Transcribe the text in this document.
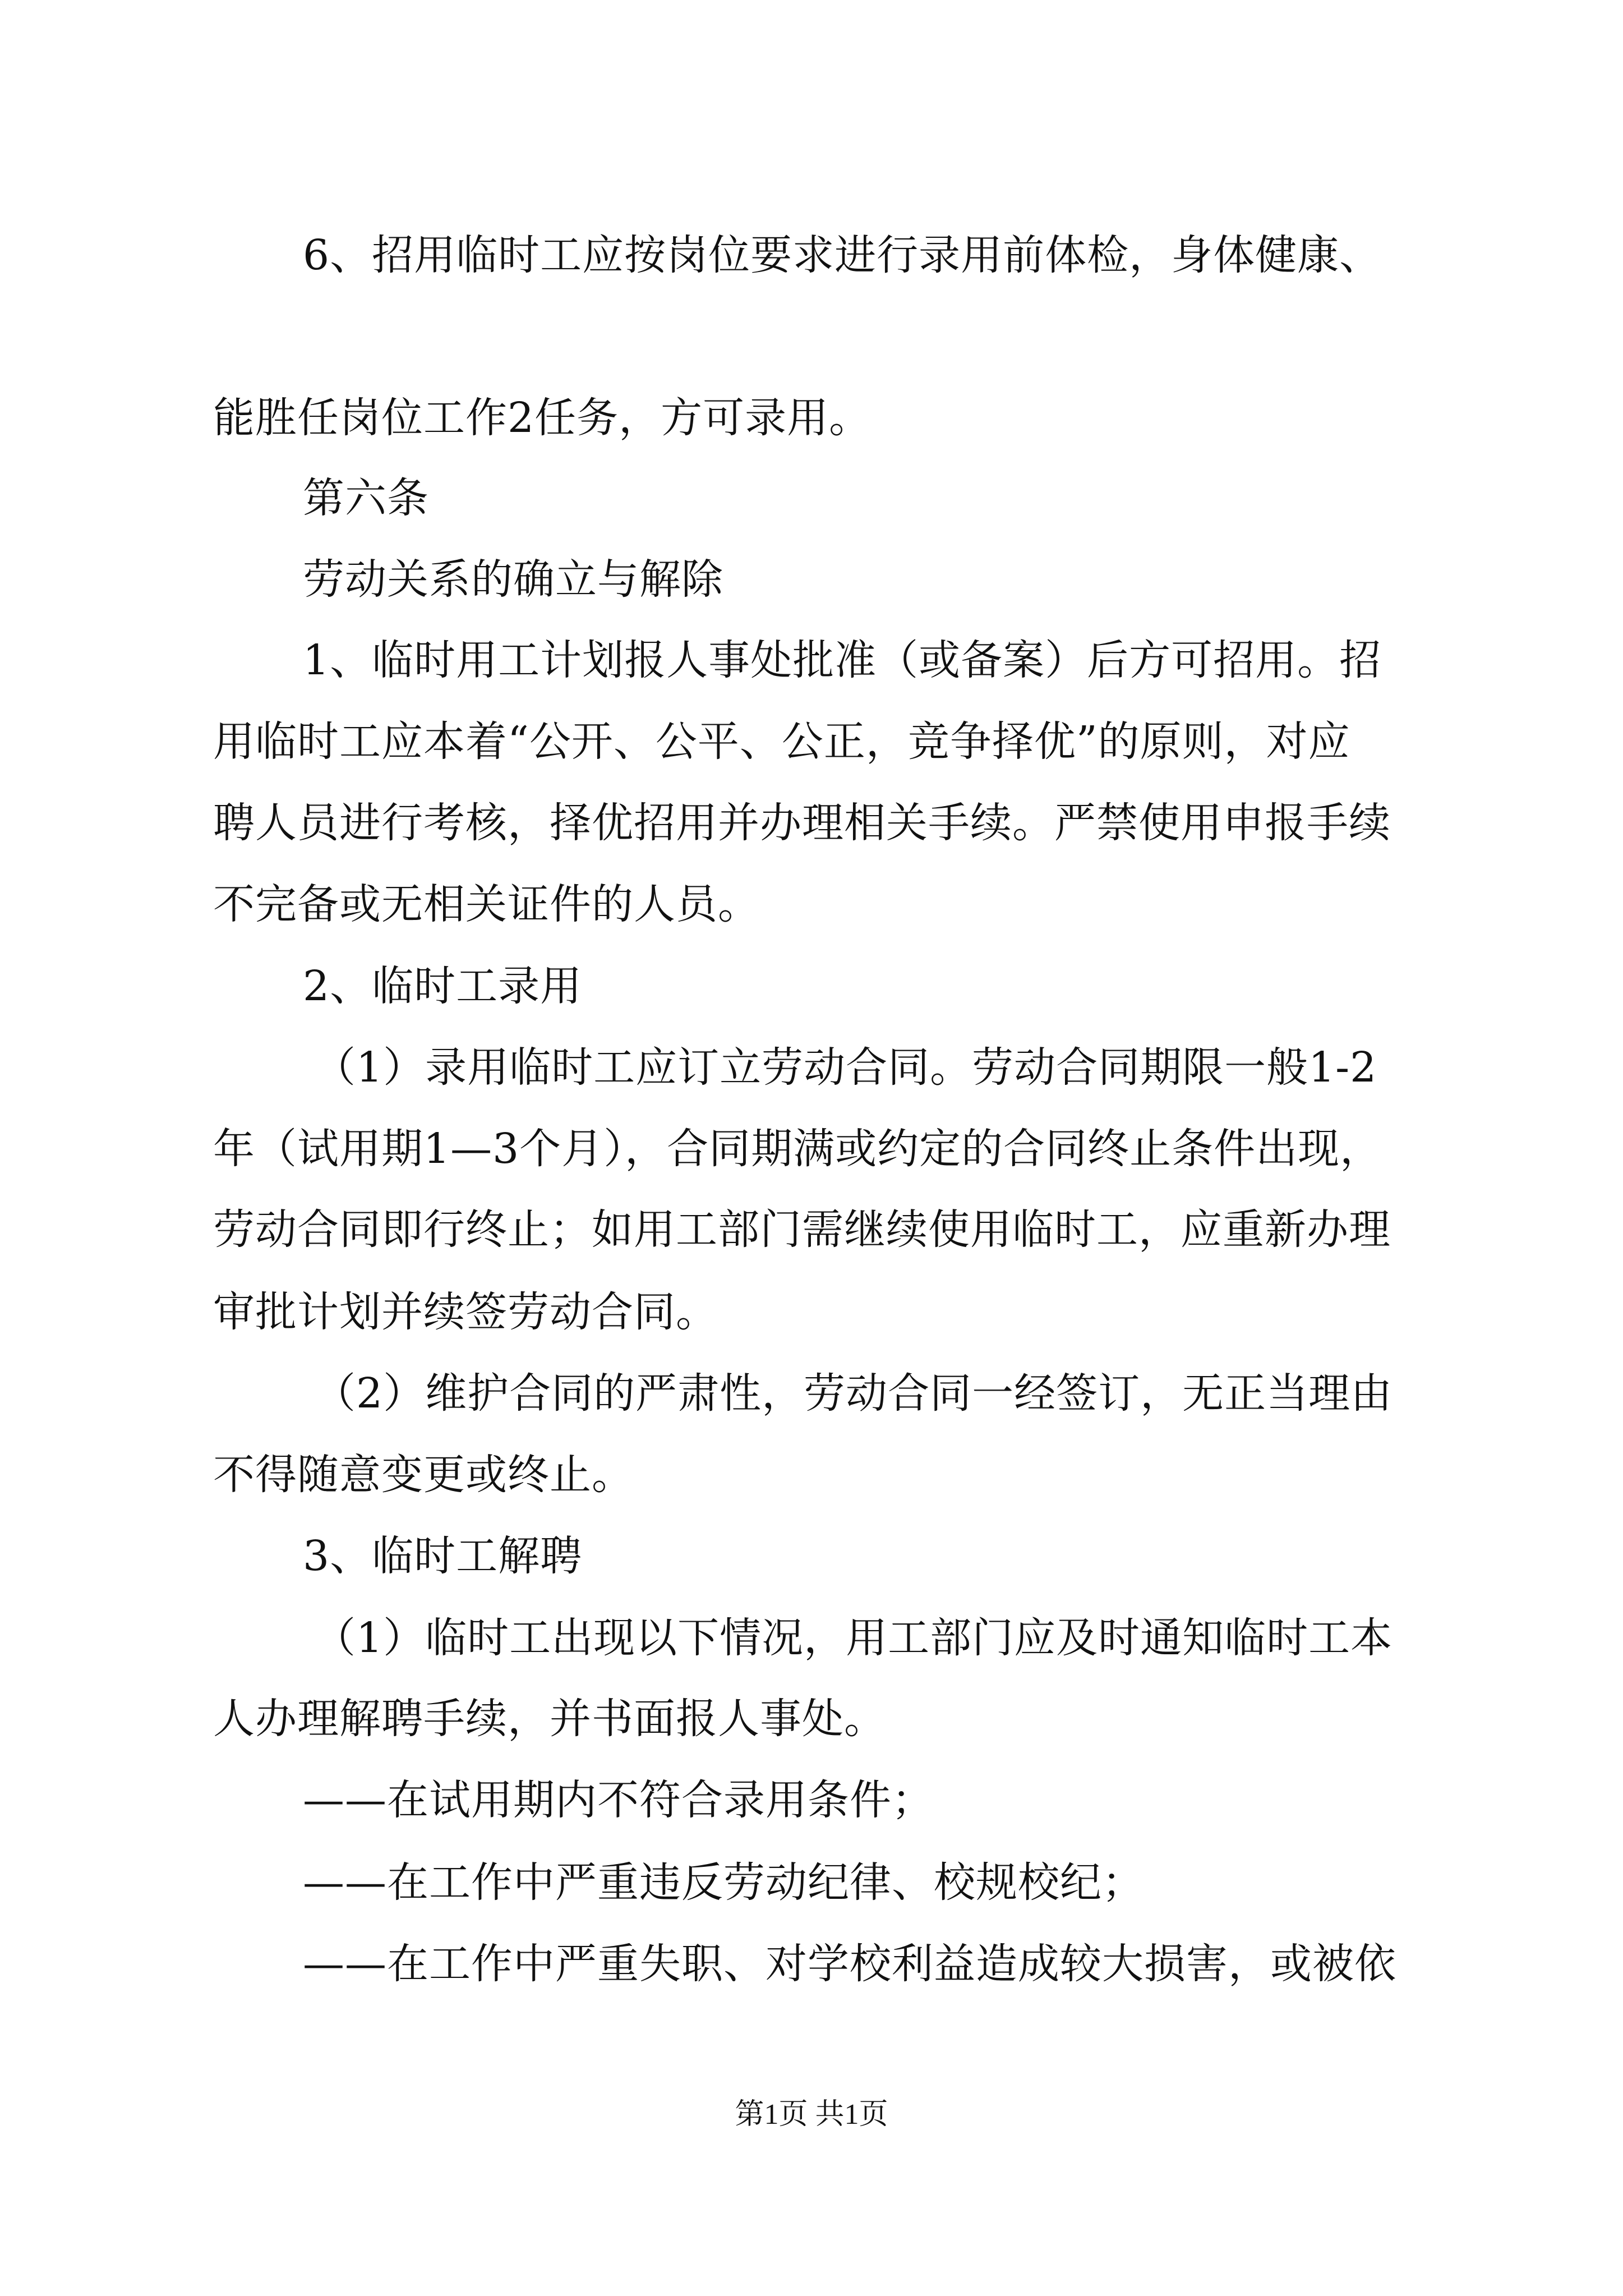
6、招用临时工应按岗位要求进行录用前体检，身体健康、
能胜任岗位工作2任务，方可录用。
第六条
劳动关系的确立与解除
1、临时用工计划报人事处批准（或备案）后方可招用。招
用临时工应本着“公开、公平、公正，竞争择优”的原则，对应
聘人员进行考核，择优招用并办理相关手续。严禁使用申报手续
不完备或无相关证件的人员。
2、临时工录用
（1）录用临时工应订立劳动合同。劳动合同期限一般1-2
年（试用期1—3个月），合同期满或约定的合同终止条件出现，
劳动合同即行终止；如用工部门需继续使用临时工，应重新办理
审批计划并续签劳动合同。
（2）维护合同的严肃性，劳动合同一经签订，无正当理由
不得随意变更或终止。
3、临时工解聘
（1）临时工出现以下情况，用工部门应及时通知临时工本
人办理解聘手续，并书面报人事处。
——在试用期内不符合录用条件；
——在工作中严重违反劳动纪律、校规校纪；
——在工作中严重失职、对学校利益造成较大损害，或被依
第1页 共1页
